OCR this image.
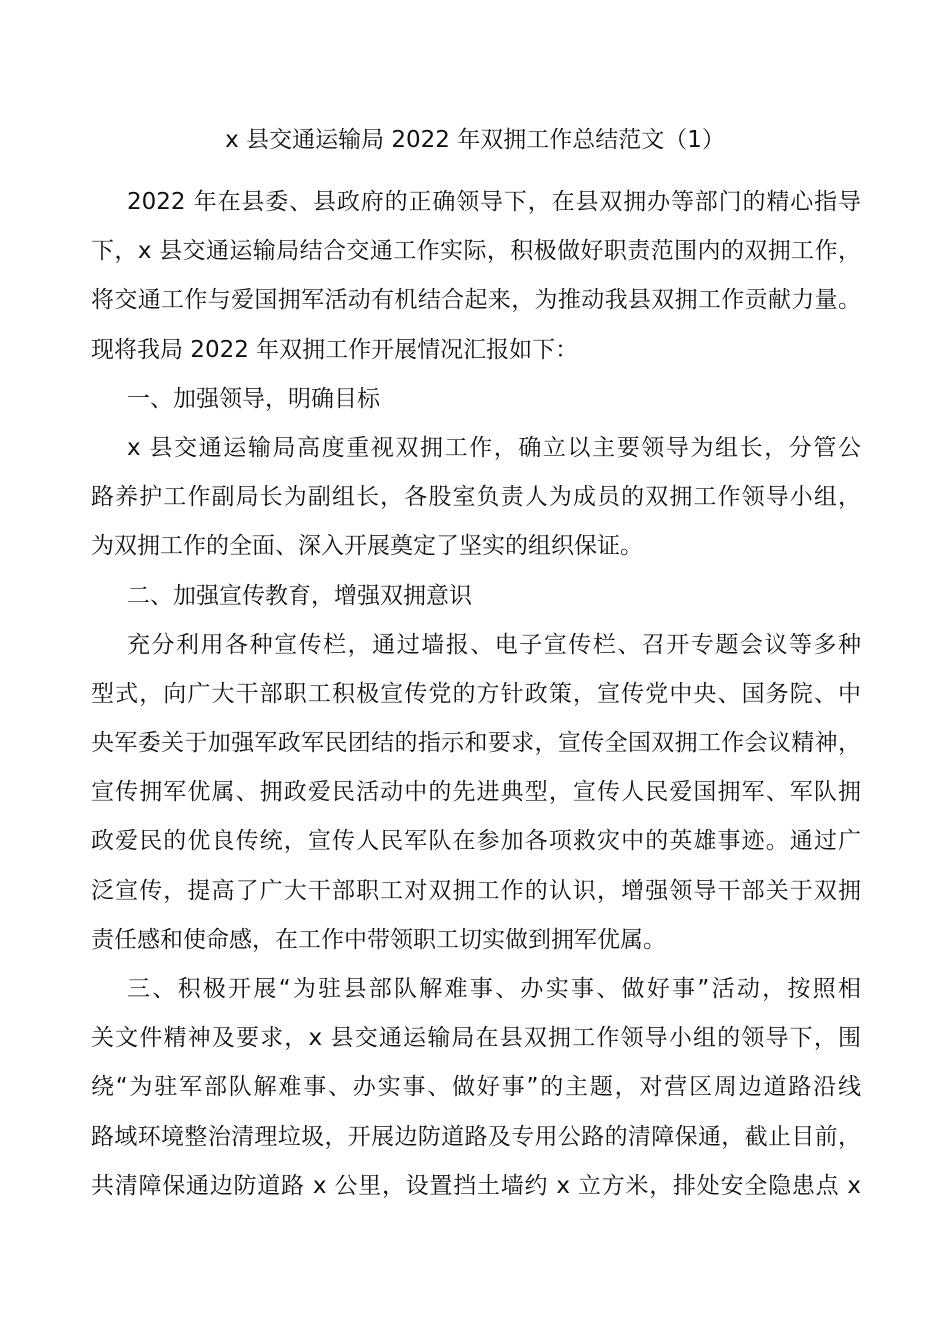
x 县交通运输局 2022 年双拥工作总结范文（1）
2022 年在县委、县政府的正确领导下，在县双拥办等部门的精心指导
下，x 县交通运输局结合交通工作实际，积极做好职责范围内的双拥工作，
将交通工作与爱国拥军活动有机结合起来，为推动我县双拥工作贡献力量。
现将我局 2022 年双拥工作开展情况汇报如下：
一、加强领导，明确目标
x 县交通运输局高度重视双拥工作，确立以主要领导为组长，分管公
路养护工作副局长为副组长，各股室负责人为成员的双拥工作领导小组，
为双拥工作的全面、深入开展奠定了坚实的组织保证。
二、加强宣传教育，增强双拥意识
充分利用各种宣传栏，通过墙报、电子宣传栏、召开专题会议等多种
型式，向广大干部职工积极宣传党的方针政策，宣传党中央、国务院、中
央军委关于加强军政军民团结的指示和要求，宣传全国双拥工作会议精神，
宣传拥军优属、拥政爱民活动中的先进典型，宣传人民爱国拥军、军队拥
政爱民的优良传统，宣传人民军队在参加各项救灾中的英雄事迹。通过广
泛宣传，提高了广大干部职工对双拥工作的认识，增强领导干部关于双拥
责任感和使命感，在工作中带领职工切实做到拥军优属。
三、积极开展“为驻县部队解难事、办实事、做好事”活动，按照相
关文件精神及要求，x 县交通运输局在县双拥工作领导小组的领导下，围
绕“为驻军部队解难事、办实事、做好事”的主题，对营区周边道路沿线
路域环境整治清理垃圾，开展边防道路及专用公路的清障保通，截止目前，
共清障保通边防道路 x 公里，设置挡土墙约 x 立方米，排处安全隐患点 x
